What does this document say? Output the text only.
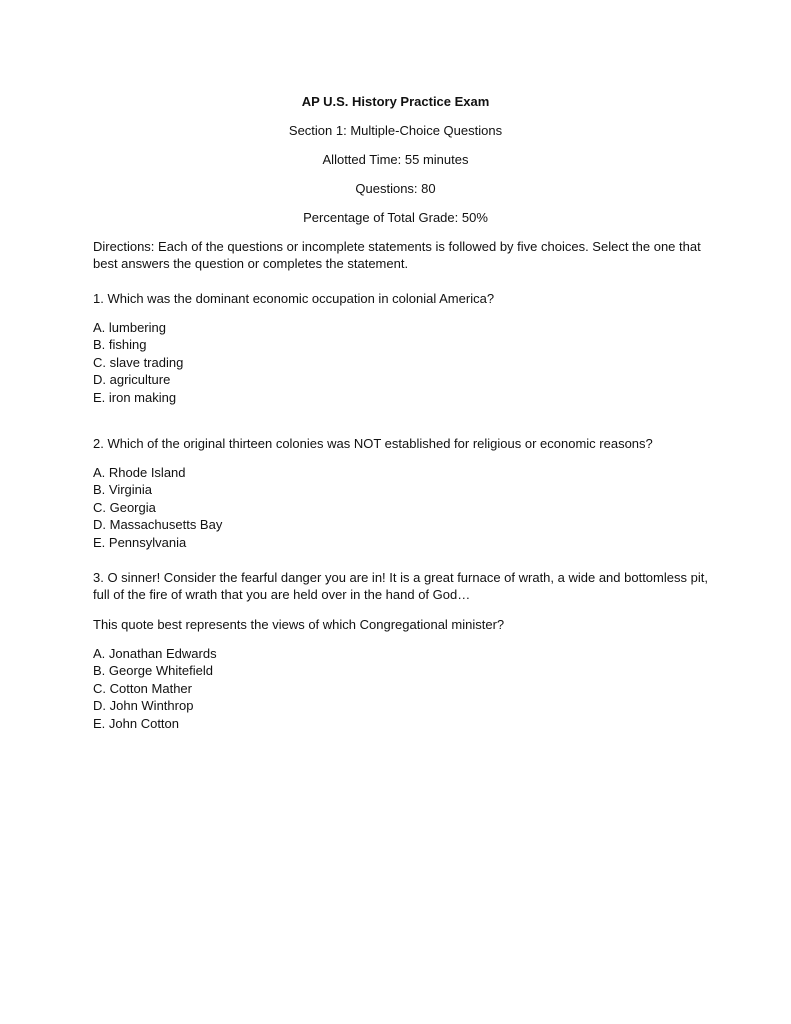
AP U.S. History Practice Exam

Section 1: Multiple-Choice Questions

Allotted Time: 55 minutes

Questions: 80

Percentage of Total Grade: 50%

Directions: Each of the questions or incomplete statements is followed by five choices. Select the one that best answers the question or completes the statement.

1. Which was the dominant economic occupation in colonial America?

A. lumbering
B. fishing
C. slave trading
D. agriculture
E. iron making

2. Which of the original thirteen colonies was NOT established for religious or economic reasons?

A. Rhode Island
B. Virginia
C. Georgia
D. Massachusetts Bay
E. Pennsylvania

3. O sinner! Consider the fearful danger you are in! It is a great furnace of wrath, a wide and bottomless pit, full of the fire of wrath that you are held over in the hand of God…

This quote best represents the views of which Congregational minister?

A. Jonathan Edwards
B. George Whitefield
C. Cotton Mather
D. John Winthrop
E. John Cotton
